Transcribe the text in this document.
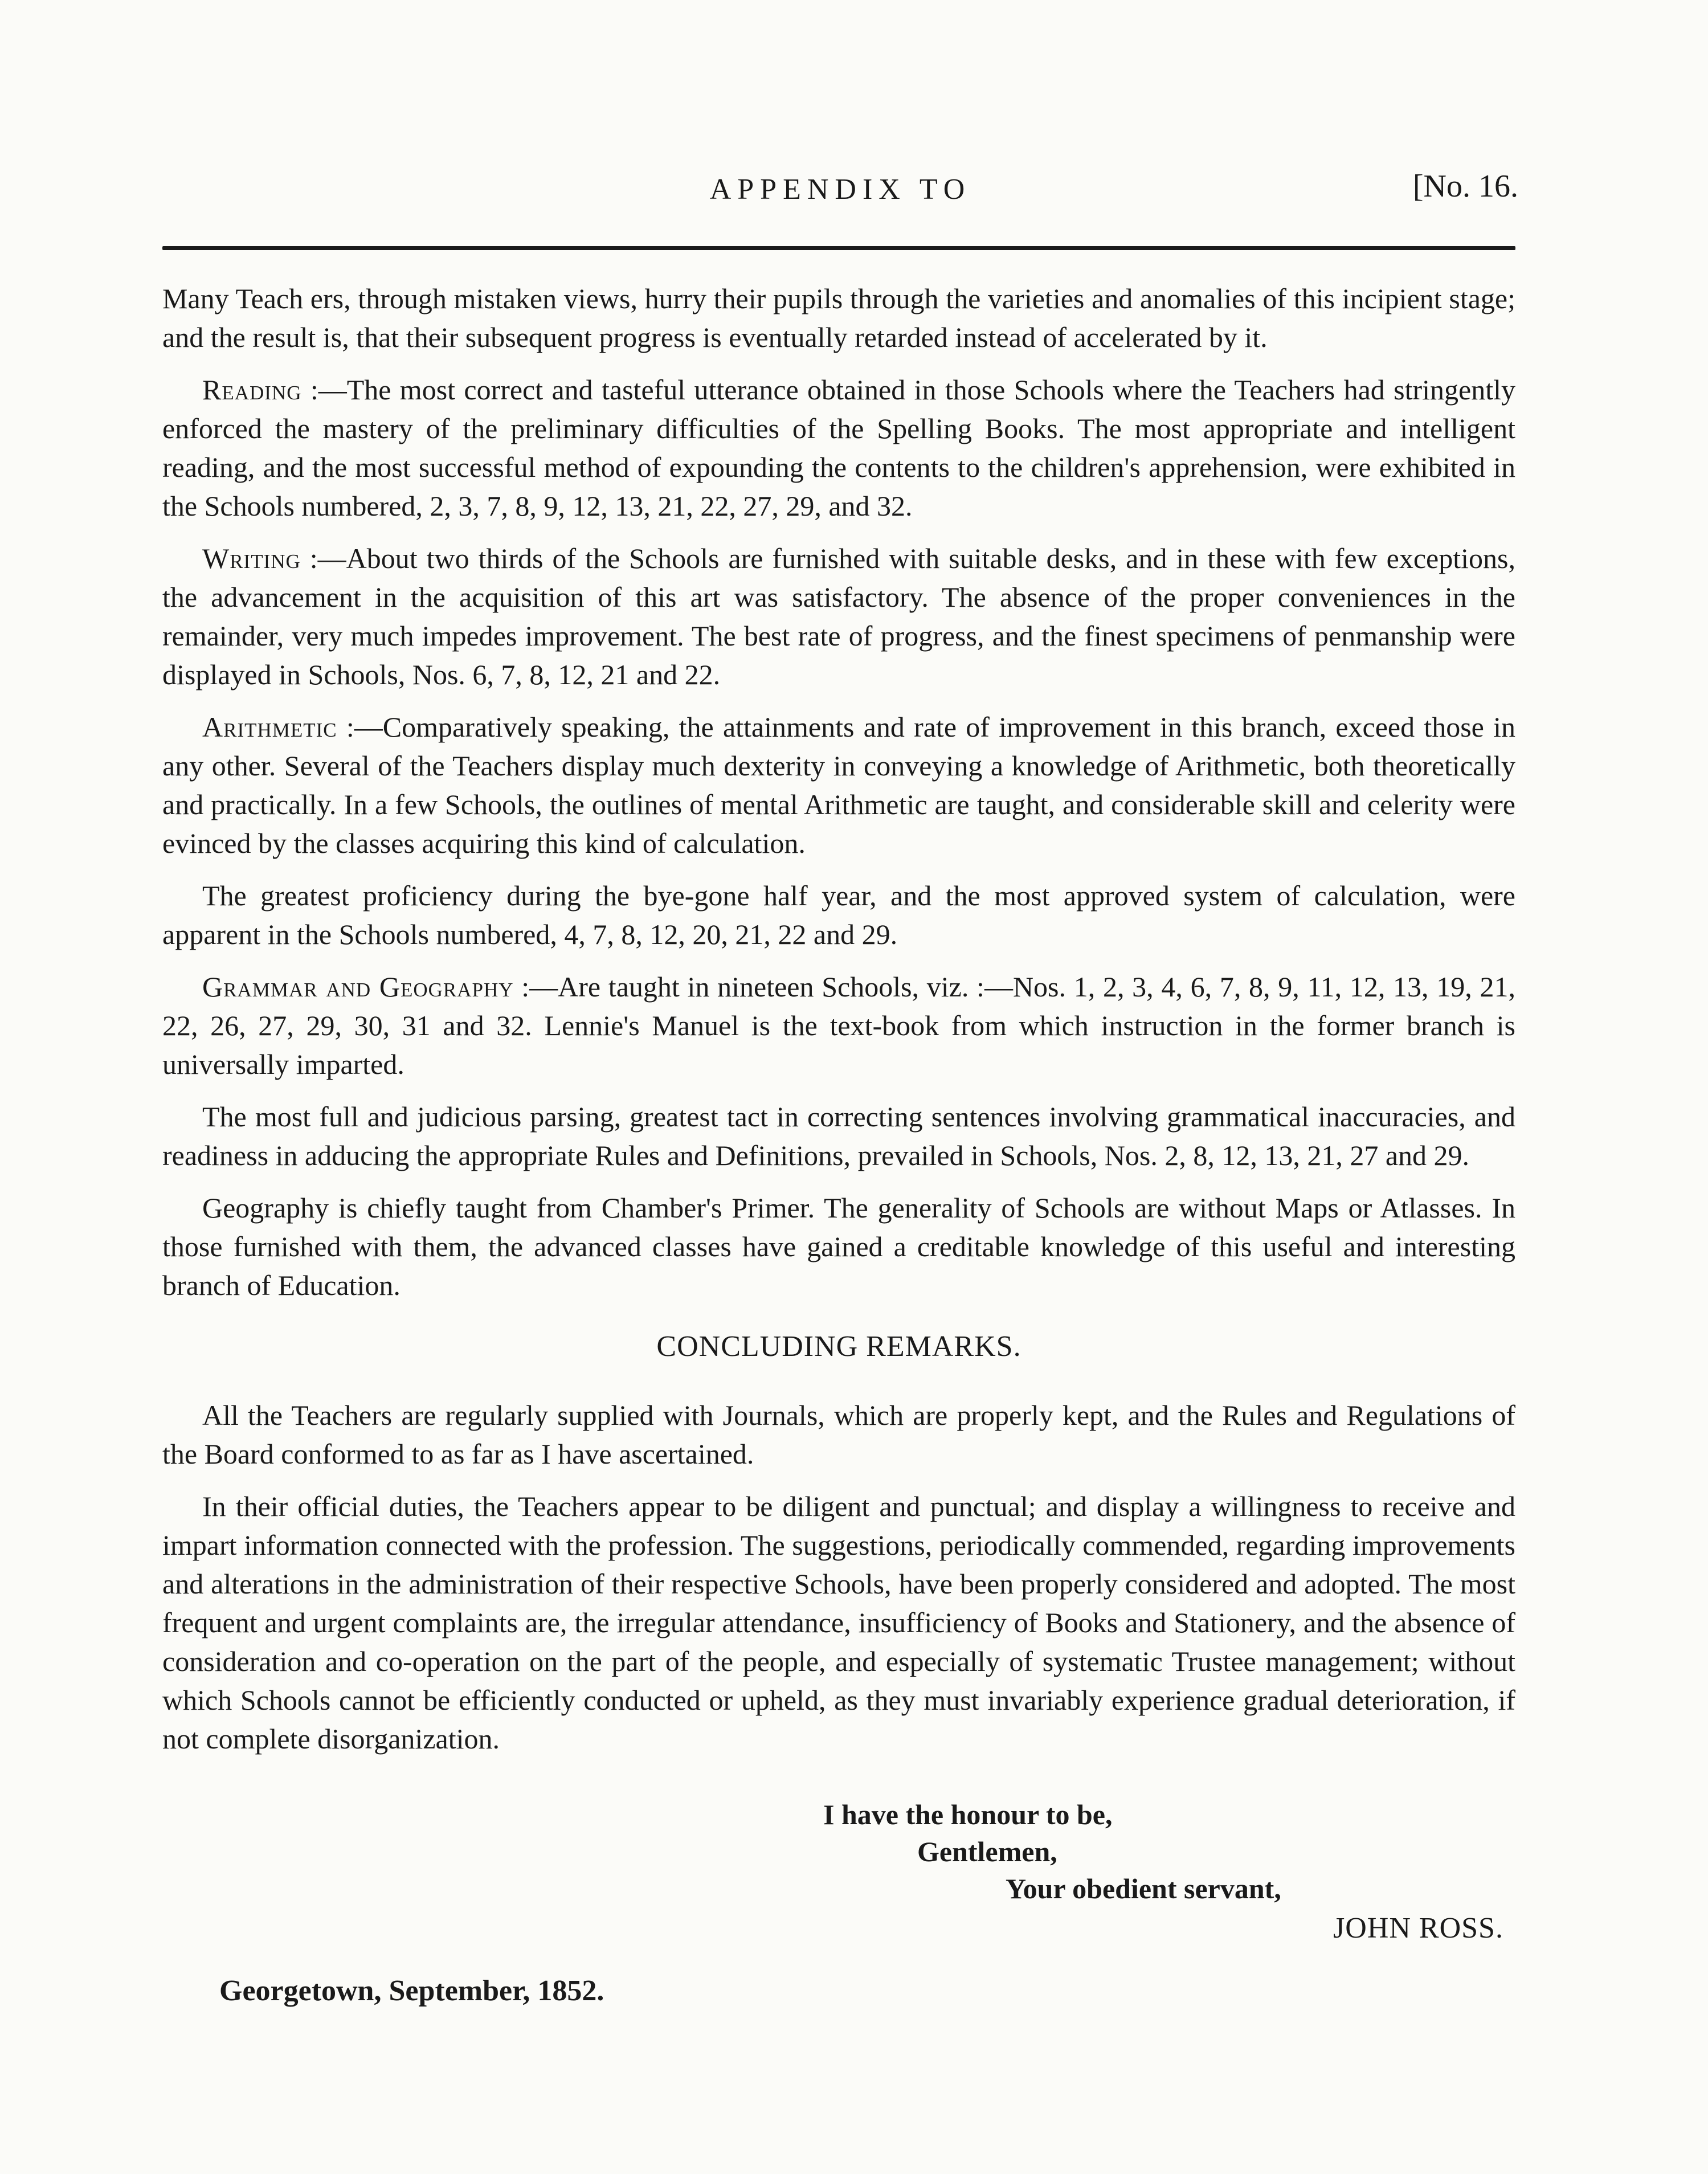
APPENDIX TO	[No. 16.

Many Teach ers, through mistaken views, hurry their pupils through the varieties and anomalies of this incipient stage; and the result is, that their subsequent progress is eventually retarded instead of accelerated by it.

Reading :—The most correct and tasteful utterance obtained in those Schools where the Teachers had stringently enforced the mastery of the preliminary difficulties of the Spelling Books. The most appropriate and intelligent reading, and the most successful method of expounding the contents to the children's apprehension, were exhibited in the Schools numbered, 2, 3, 7, 8, 9, 12, 13, 21, 22, 27, 29, and 32.

Writing :—About two thirds of the Schools are furnished with suitable desks, and in these with few exceptions, the advancement in the acquisition of this art was satisfactory. The absence of the proper conveniences in the remainder, very much impedes improvement. The best rate of progress, and the finest specimens of penmanship were displayed in Schools, Nos. 6, 7, 8, 12, 21 and 22.

Arithmetic :—Comparatively speaking, the attainments and rate of improvement in this branch, exceed those in any other. Several of the Teachers display much dexterity in conveying a knowledge of Arithmetic, both theoretically and practically. In a few Schools, the outlines of mental Arithmetic are taught, and considerable skill and celerity were evinced by the classes acquiring this kind of calculation.

The greatest proficiency during the bye-gone half year, and the most approved system of calculation, were apparent in the Schools numbered, 4, 7, 8, 12, 20, 21, 22 and 29.

Grammar and Geography :—Are taught in nineteen Schools, viz. :—Nos. 1, 2, 3, 4, 6, 7, 8, 9, 11, 12, 13, 19, 21, 22, 26, 27, 29, 30, 31 and 32. Lennie's Manuel is the text-book from which instruction in the former branch is universally imparted.

The most full and judicious parsing, greatest tact in correcting sentences involving grammatical inaccuracies, and readiness in adducing the appropriate Rules and Definitions, prevailed in Schools, Nos. 2, 8, 12, 13, 21, 27 and 29.

Geography is chiefly taught from Chamber's Primer. The generality of Schools are without Maps or Atlasses. In those furnished with them, the advanced classes have gained a creditable knowledge of this useful and interesting branch of Education.

CONCLUDING REMARKS.

All the Teachers are regularly supplied with Journals, which are properly kept, and the Rules and Regulations of the Board conformed to as far as I have ascertained.

In their official duties, the Teachers appear to be diligent and punctual; and display a willingness to receive and impart information connected with the profession. The suggestions, periodically commended, regarding improvements and alterations in the administration of their respective Schools, have been properly considered and adopted. The most frequent and urgent complaints are, the irregular attendance, insufficiency of Books and Stationery, and the absence of consideration and co-operation on the part of the people, and especially of systematic Trustee management; without which Schools cannot be efficiently conducted or upheld, as they must invariably experience gradual deterioration, if not complete disorganization.

I have the honour to be,
Gentlemen,
Your obedient servant,
JOHN ROSS.
Georgetown, September, 1852.
